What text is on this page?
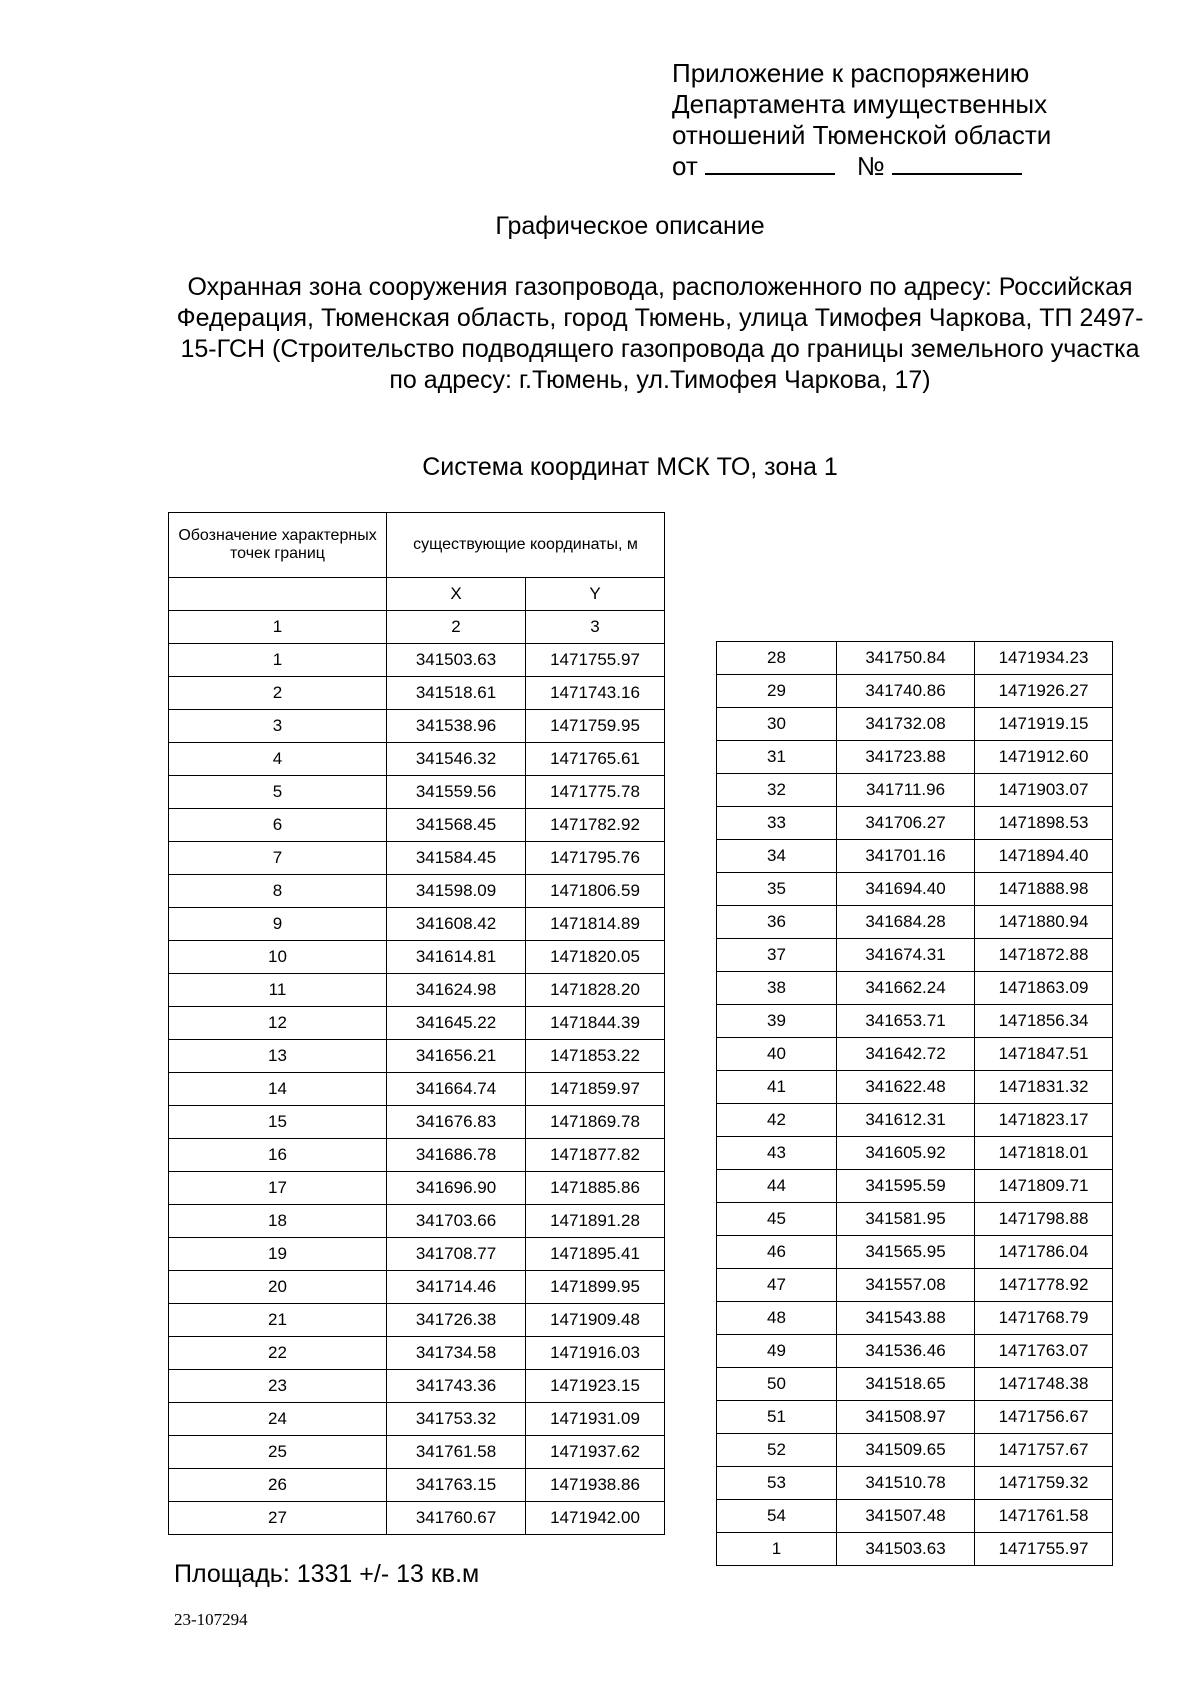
Приложение к распоряжению
Департамента имущественных
отношений Тюменской области
от	№
Графическое описание
Охранная зона сооружения газопровода, расположенного по адресу: Российская Федерация, Тюменская область, город Тюмень, улица Тимофея Чаркова, ТП 2497-15-ГСН (Строительство подводящего газопровода до границы земельного участка по адресу: г.Тюмень, ул.Тимофея Чаркова, 17)
Система координат МСК ТО, зона 1
Обозначение характерных точек границ	существующие координаты, м	
	X	Y
1	2	3
1	341503.63	1471755.97
2	341518.61	1471743.16
3	341538.96	1471759.95
4	341546.32	1471765.61
5	341559.56	1471775.78
6	341568.45	1471782.92
7	341584.45	1471795.76
8	341598.09	1471806.59
9	341608.42	1471814.89
10	341614.81	1471820.05
11	341624.98	1471828.20
12	341645.22	1471844.39
13	341656.21	1471853.22
14	341664.74	1471859.97
15	341676.83	1471869.78
16	341686.78	1471877.82
17	341696.90	1471885.86
18	341703.66	1471891.28
19	341708.77	1471895.41
20	341714.46	1471899.95
21	341726.38	1471909.48
22	341734.58	1471916.03
23	341743.36	1471923.15
24	341753.32	1471931.09
25	341761.58	1471937.62
26	341763.15	1471938.86
27	341760.67	1471942.00
28	341750.84	1471934.23
29	341740.86	1471926.27
30	341732.08	1471919.15
31	341723.88	1471912.60
32	341711.96	1471903.07
33	341706.27	1471898.53
34	341701.16	1471894.40
35	341694.40	1471888.98
36	341684.28	1471880.94
37	341674.31	1471872.88
38	341662.24	1471863.09
39	341653.71	1471856.34
40	341642.72	1471847.51
41	341622.48	1471831.32
42	341612.31	1471823.17
43	341605.92	1471818.01
44	341595.59	1471809.71
45	341581.95	1471798.88
46	341565.95	1471786.04
47	341557.08	1471778.92
48	341543.88	1471768.79
49	341536.46	1471763.07
50	341518.65	1471748.38
51	341508.97	1471756.67
52	341509.65	1471757.67
53	341510.78	1471759.32
54	341507.48	1471761.58
1	341503.63	1471755.97
Площадь: 1331 +/- 13 кв.м
23-107294
